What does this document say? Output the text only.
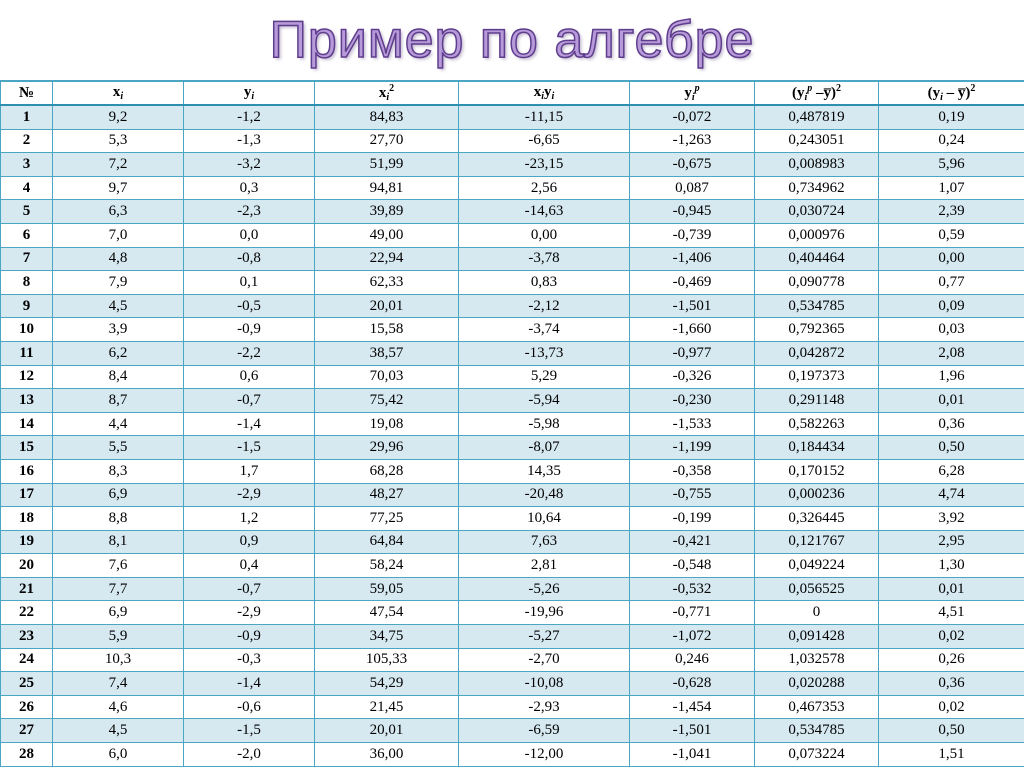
Пример по алгебре
№	$x_i$	$y_i$	$x_i^2$	$x_iy_i$	$y_i^p$	($y_i^p$ –y̅)$^2$	($y_i$ – y̅)$^2$
1	9,2	-1,2	84,83	-11,15	-0,072	0,487819	0,19
2	5,3	-1,3	27,70	-6,65	-1,263	0,243051	0,24
3	7,2	-3,2	51,99	-23,15	-0,675	0,008983	5,96
4	9,7	0,3	94,81	2,56	0,087	0,734962	1,07
5	6,3	-2,3	39,89	-14,63	-0,945	0,030724	2,39
6	7,0	0,0	49,00	0,00	-0,739	0,000976	0,59
7	4,8	-0,8	22,94	-3,78	-1,406	0,404464	0,00
8	7,9	0,1	62,33	0,83	-0,469	0,090778	0,77
9	4,5	-0,5	20,01	-2,12	-1,501	0,534785	0,09
10	3,9	-0,9	15,58	-3,74	-1,660	0,792365	0,03
11	6,2	-2,2	38,57	-13,73	-0,977	0,042872	2,08
12	8,4	0,6	70,03	5,29	-0,326	0,197373	1,96
13	8,7	-0,7	75,42	-5,94	-0,230	0,291148	0,01
14	4,4	-1,4	19,08	-5,98	-1,533	0,582263	0,36
15	5,5	-1,5	29,96	-8,07	-1,199	0,184434	0,50
16	8,3	1,7	68,28	14,35	-0,358	0,170152	6,28
17	6,9	-2,9	48,27	-20,48	-0,755	0,000236	4,74
18	8,8	1,2	77,25	10,64	-0,199	0,326445	3,92
19	8,1	0,9	64,84	7,63	-0,421	0,121767	2,95
20	7,6	0,4	58,24	2,81	-0,548	0,049224	1,30
21	7,7	-0,7	59,05	-5,26	-0,532	0,056525	0,01
22	6,9	-2,9	47,54	-19,96	-0,771	0	4,51
23	5,9	-0,9	34,75	-5,27	-1,072	0,091428	0,02
24	10,3	-0,3	105,33	-2,70	0,246	1,032578	0,26
25	7,4	-1,4	54,29	-10,08	-0,628	0,020288	0,36
26	4,6	-0,6	21,45	-2,93	-1,454	0,467353	0,02
27	4,5	-1,5	20,01	-6,59	-1,501	0,534785	0,50
28	6,0	-2,0	36,00	-12,00	-1,041	0,073224	1,51
